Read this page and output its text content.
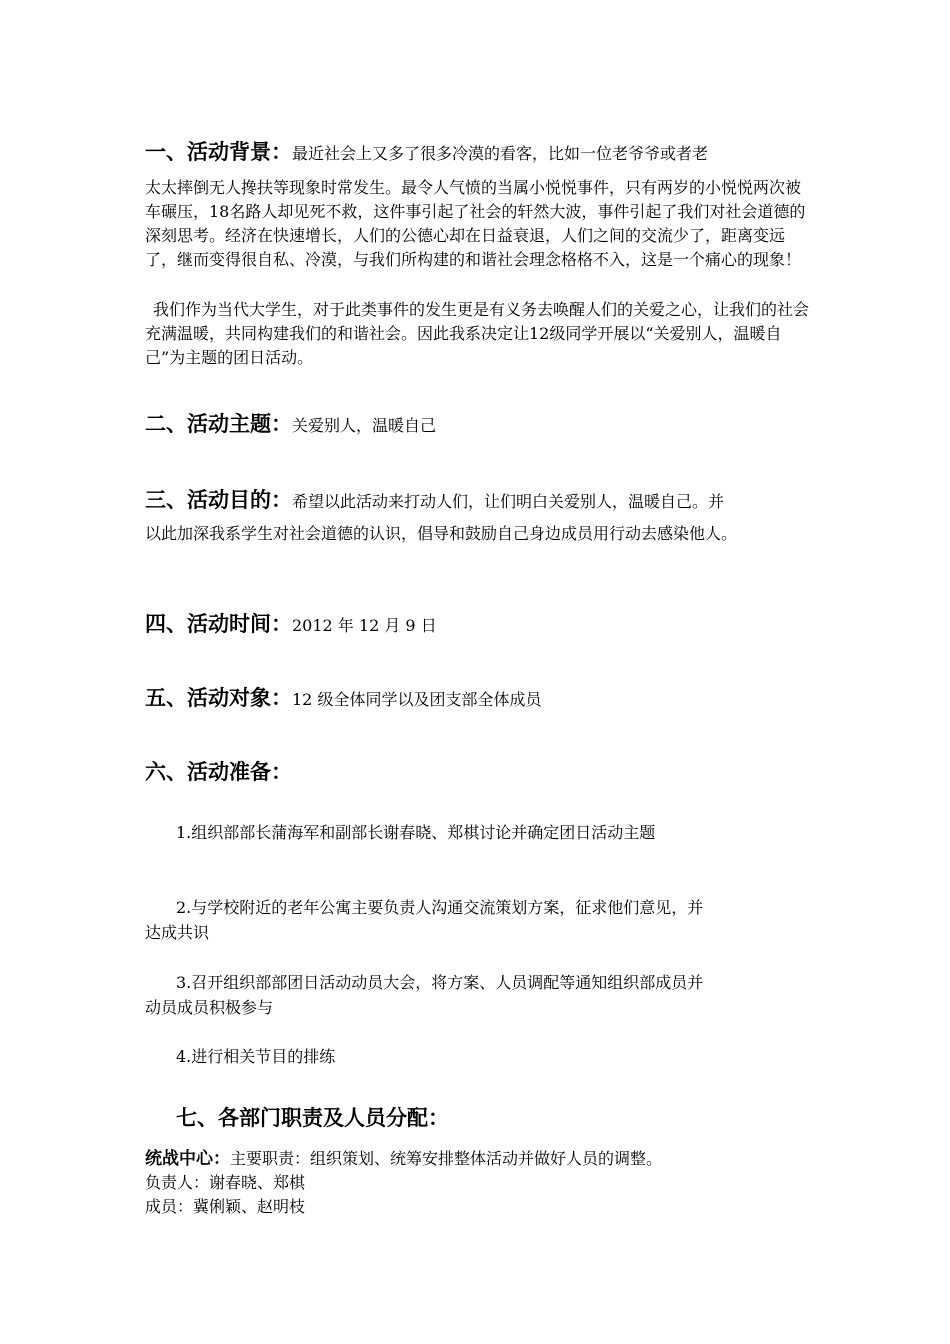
一、活动背景：最近社会上又多了很多冷漠的看客，比如一位老爷爷或者老
太太摔倒无人搀扶等现象时常发生。最令人气愤的当属小悦悦事件，只有两岁的小悦悦两次被车碾压，18名路人却见死不救，这件事引起了社会的轩然大波，事件引起了我们对社会道德的深刻思考。经济在快速增长，人们的公德心却在日益衰退，人们之间的交流少了，距离变远了，继而变得很自私、冷漠，与我们所构建的和谐社会理念格格不入，这是一个痛心的现象！
我们作为当代大学生，对于此类事件的发生更是有义务去唤醒人们的关爱之心，让我们的社会充满温暖，共同构建我们的和谐社会。因此我系决定让12级同学开展以“关爱别人，温暖自己”为主题的团日活动。
二、活动主题：关爱别人，温暖自己
三、活动目的：希望以此活动来打动人们，让们明白关爱别人，温暖自己。并
以此加深我系学生对社会道德的认识，倡导和鼓励自己身边成员用行动去感染他人。
四、活动时间：2012 年 12 月 9 日
五、活动对象：12 级全体同学以及团支部全体成员
六、活动准备：
1.组织部部长蒲海军和副部长谢春晓、郑棋讨论并确定团日活动主题
2.与学校附近的老年公寓主要负责人沟通交流策划方案，征求他们意见，并
达成共识
3.召开组织部部团日活动动员大会，将方案、人员调配等通知组织部成员并
动员成员积极参与
4.进行相关节目的排练
七、各部门职责及人员分配：
统战中心：主要职责：组织策划、统筹安排整体活动并做好人员的调整。
负责人：谢春晓、郑棋
成员：冀俐颖、赵明枝
